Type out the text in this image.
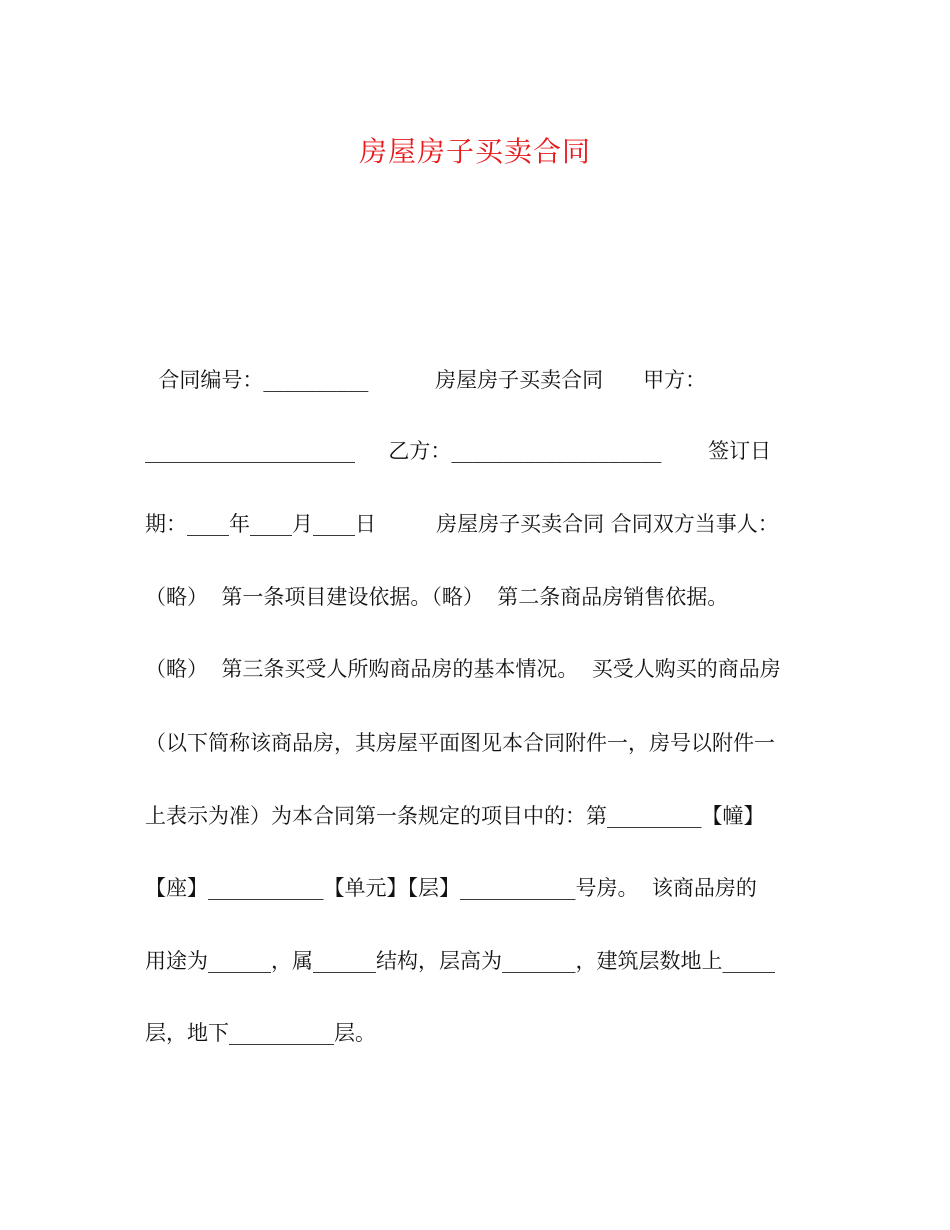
房屋房子买卖合同
合同编号：__________          房屋房子买卖合同      甲方：
____________________     乙方：____________________       签订日
期：____年____月____日         房屋房子买卖合同 合同双方当事人：
（略）  第一条项目建设依据。（略）  第二条商品房销售依据。
（略）  第三条买受人所购商品房的基本情况。  买受人购买的商品房
（以下简称该商品房，其房屋平面图见本合同附件一，房号以附件一
上表示为准）为本合同第一条规定的项目中的：第_________【幢】
【座】___________【单元】【层】___________号房。  该商品房的
用途为______，属______结构，层高为_______，建筑层数地上_____
层，地下__________层。
